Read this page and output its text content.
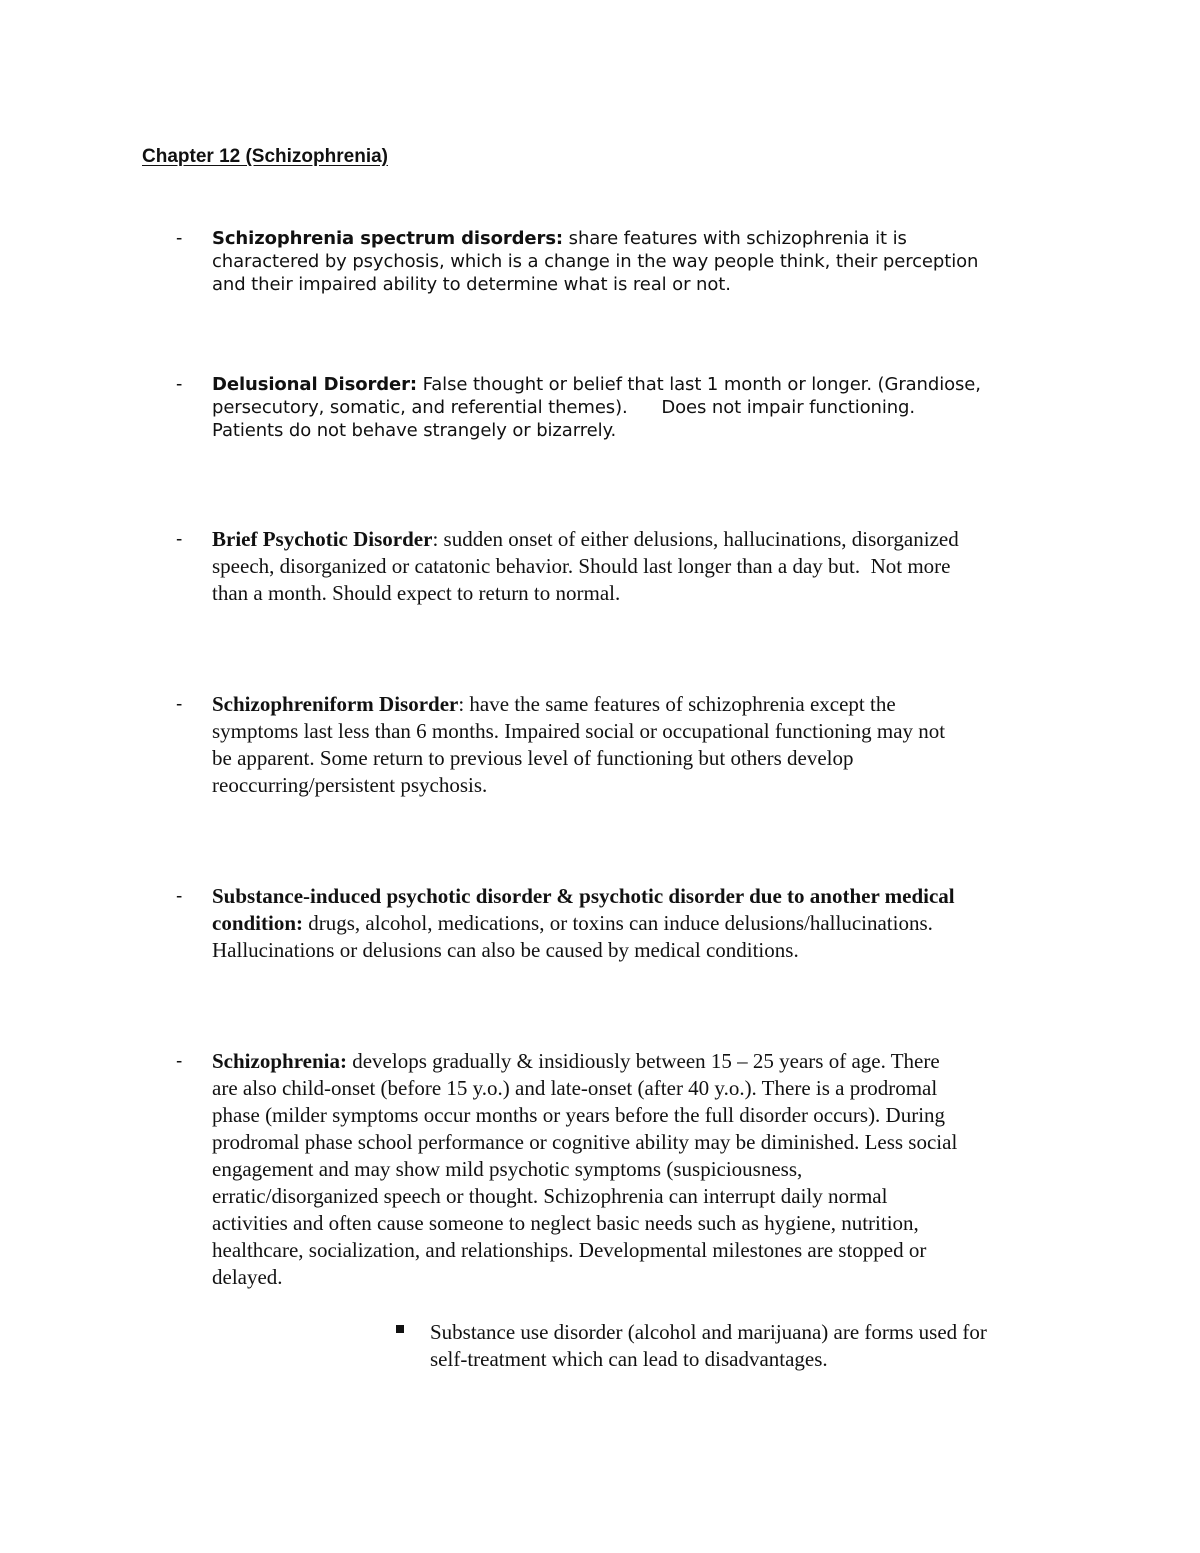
Chapter 12 (Schizophrenia)
- Schizophrenia spectrum disorders: share features with schizophrenia it is
charactered by psychosis, which is a change in the way people think, their perception
and their impaired ability to determine what is real or not.
- Delusional Disorder: False thought or belief that last 1 month or longer. (Grandiose,
persecutory, somatic, and referential themes).      Does not impair functioning.
Patients do not behave strangely or bizarrely.
- Brief Psychotic Disorder: sudden onset of either delusions, hallucinations, disorganized
speech, disorganized or catatonic behavior. Should last longer than a day but.  Not more
than a month. Should expect to return to normal.
- Schizophreniform Disorder: have the same features of schizophrenia except the
symptoms last less than 6 months. Impaired social or occupational functioning may not
be apparent. Some return to previous level of functioning but others develop
reoccurring/persistent psychosis.
- Substance-induced psychotic disorder & psychotic disorder due to another medical
condition: drugs, alcohol, medications, or toxins can induce delusions/hallucinations.
Hallucinations or delusions can also be caused by medical conditions.
- Schizophrenia: develops gradually & insidiously between 15 – 25 years of age. There
are also child-onset (before 15 y.o.) and late-onset (after 40 y.o.). There is a prodromal
phase (milder symptoms occur months or years before the full disorder occurs). During
prodromal phase school performance or cognitive ability may be diminished. Less social
engagement and may show mild psychotic symptoms (suspiciousness,
erratic/disorganized speech or thought. Schizophrenia can interrupt daily normal
activities and often cause someone to neglect basic needs such as hygiene, nutrition,
healthcare, socialization, and relationships. Developmental milestones are stopped or
delayed.
Substance use disorder (alcohol and marijuana) are forms used for
self-treatment which can lead to disadvantages.
